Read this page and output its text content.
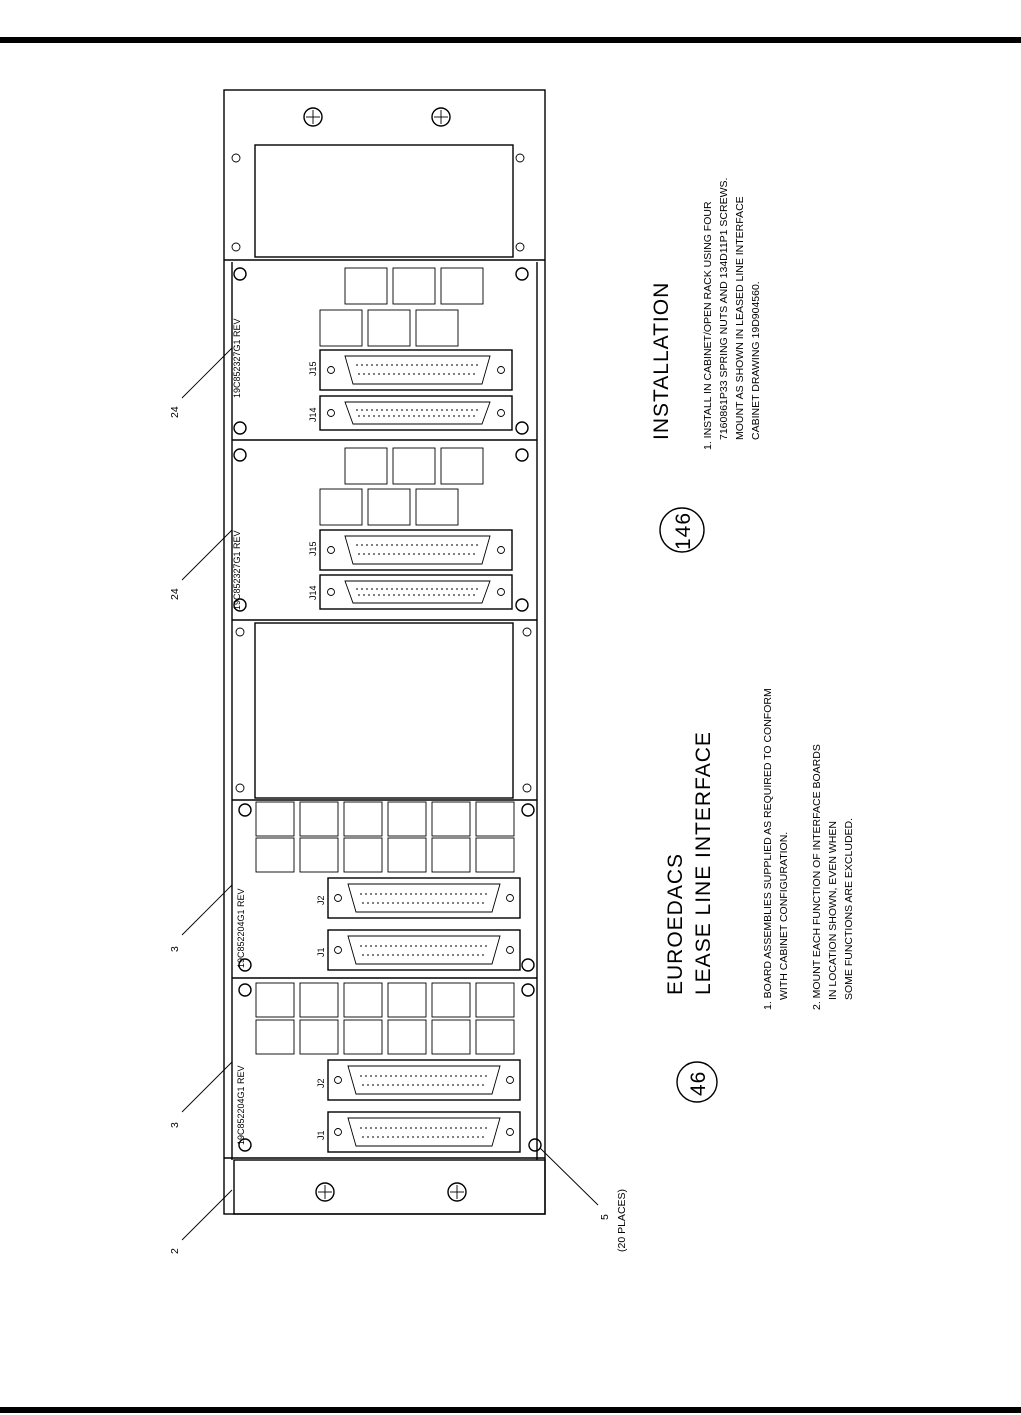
19C852327G1 REV
J14
J15
19C852327G1 REV	J14
J15
19C852204G1 REV	J1
J2
19C852204G1 REV	J1
J2
24
24
3
3
2
5 (20 PLACES)
46
EUROEDACS LEASE LINE INTERFACE	1. BOARD ASSEMBLIES SUPPLIED AS REQUIRED TO CONFORM WITH CABINET CONFIGURATION. 2. MOUNT EACH FUNCTION OF INTERFACE BOARDS IN LOCATION SHOWN, EVEN WHEN SOME FUNCTIONS ARE EXCLUDED.
146
INSTALLATION	1. INSTALL IN CABINET/OPEN RACK USING FOUR 7160861P33 SPRING NUTS AND 134D11P1 SCREWS. MOUNT AS SHOWN IN LEASED LINE INTERFACE CABINET DRAWING 19D904560.
